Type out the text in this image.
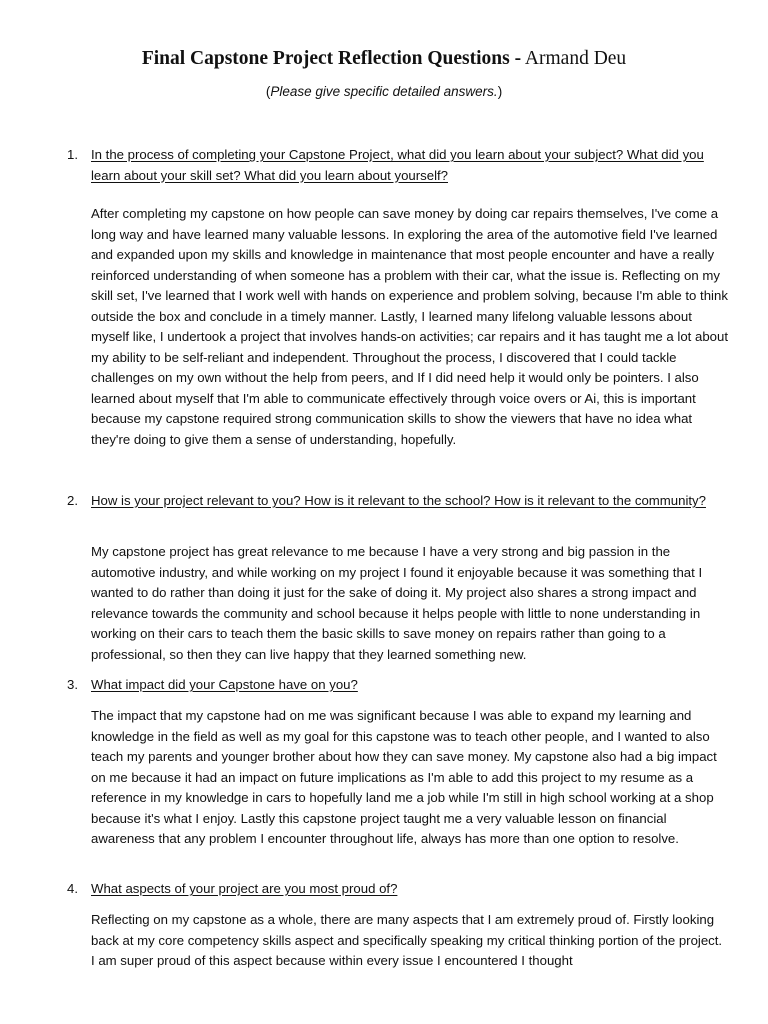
Final Capstone Project Reflection Questions - Armand Deu
(Please give specific detailed answers.)
1. In the process of completing your Capstone Project, what did you learn about your subject? What did you learn about your skill set? What did you learn about yourself?

After completing my capstone on how people can save money by doing car repairs themselves, I've come a long way and have learned many valuable lessons. In exploring the area of the automotive field I've learned and expanded upon my skills and knowledge in maintenance that most people encounter and have a really reinforced understanding of when someone has a problem with their car, what the issue is. Reflecting on my skill set, I've learned that I work well with hands on experience and problem solving, because I'm able to think outside the box and conclude in a timely manner. Lastly, I learned many lifelong valuable lessons about myself like, I undertook a project that involves hands-on activities; car repairs and it has taught me a lot about my ability to be self-reliant and independent. Throughout the process, I discovered that I could tackle challenges on my own without the help from peers, and If I did need help it would only be pointers. I also learned about myself that I'm able to communicate effectively through voice overs or Ai, this is important because my capstone required strong communication skills to show the viewers that have no idea what they're doing to give them a sense of understanding, hopefully.

2. How is your project relevant to you? How is it relevant to the school? How is it relevant to the community?

My capstone project has great relevance to me because I have a very strong and big passion in the automotive industry, and while working on my project I found it enjoyable because it was something that I wanted to do rather than doing it just for the sake of doing it. My project also shares a strong impact and relevance towards the community and school because it helps people with little to none understanding in working on their cars to teach them the basic skills to save money on repairs rather than going to a professional, so then they can live happy that they learned something new.

3. What impact did your Capstone have on you?

The impact that my capstone had on me was significant because I was able to expand my learning and knowledge in the field as well as my goal for this capstone was to teach other people, and I wanted to also teach my parents and younger brother about how they can save money. My capstone also had a big impact on me because it had an impact on future implications as I'm able to add this project to my resume as a reference in my knowledge in cars to hopefully land me a job while I'm still in high school working at a shop because it's what I enjoy. Lastly this capstone project taught me a very valuable lesson on financial awareness that any problem I encounter throughout life, always has more than one option to resolve.

4. What aspects of your project are you most proud of?

Reflecting on my capstone as a whole, there are many aspects that I am extremely proud of. Firstly looking back at my core competency skills aspect and specifically speaking my critical thinking portion of the project. I am super proud of this aspect because within every issue I encountered I thought
